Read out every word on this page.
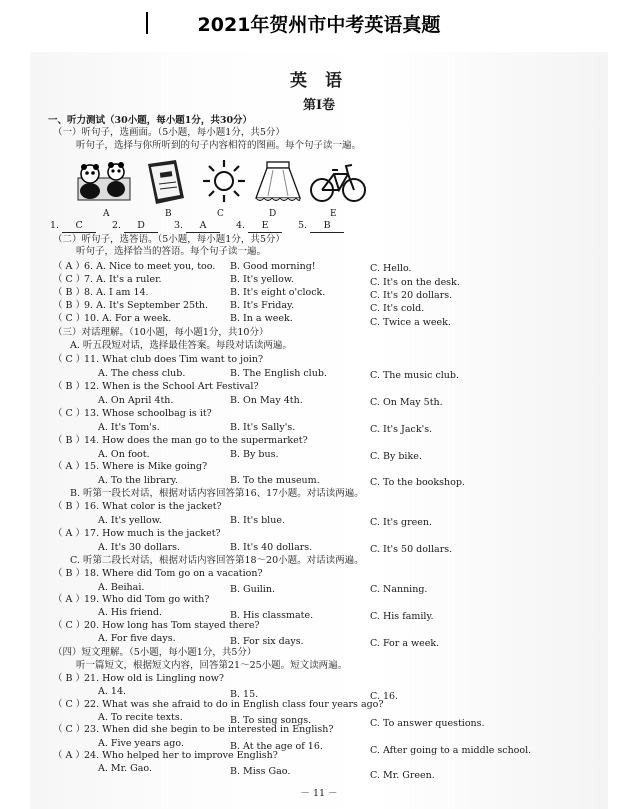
2021年贺州市中考英语真题
英 语
第Ⅰ卷
一、听力测试（30小题，每小题1分，共30分）
（一）听句子，选画面。（5小题，每小题1分，共5分）
听句子，选择与你所听到的句子内容相符的图画。每个句子读一遍。
A	B	C	D	E
1. C	2. D	3. A	4. E	5. B
（二）听句子，选答语。（5小题，每小题1分，共5分）
听句子，选择恰当的答语。每个句子读一遍。
（ A ） 6. A. Nice to meet you, too. B. Good morning!	C. Hello.
（ C ）
7. A. It's a ruler.	B. It's yellow.	C. It's on the desk.
（ B ）
8. A. I am 14.	B. It's eight o'clock.	C. It's 20 dollars.
（ B ）
9. A. It's September 25th. B. It's Friday.	C. It's cold.
（ C ）
10. A. For a week.	B. In a week.	C. Twice a week.
（三）对话理解。（10小题，每小题1分，共10分）
A. 听五段短对话，选择最佳答案。每段对话读两遍。
（ C ）
11. What club does Tim want to join?
A. The chess club.	B. The English club.	C. The music club.
（ B ）
12. When is the School Art Festival?
A. On April 4th.	B. On May 4th.	C. On May 5th.
（ C ）
13. Whose schoolbag is it?
A. It's Tom's.	B. It's Sally's.	C. It's Jack's.
（ B ）
14. How does the man go to the supermarket?
A. On foot.	B. By bus.	C. By bike.
（ A ） 15. Where is Mike going?
A. To the library.	B. To the museum.	C. To the bookshop.
B. 听第一段长对话，根据对话内容回答第16、17小题。对话读两遍。
（ B ）
16. What color is the jacket?
A. It's yellow.	B. It's blue.	C. It's green.
（ A ） 17. How much is the jacket?
A. It's 30 dollars.	B. It's 40 dollars.	C. It's 50 dollars.
C. 听第二段长对话，根据对话内容回答第18～20小题。对话读两遍。
（ B ）
18. Where did Tom go on a vacation?
A. Beihai.	B. Guilin.	C. Nanning.
（ A ） 19. Who did Tom go with?
A. His friend.	B. His classmate.	C. His family.
（ C ）
20. How long has Tom stayed there?
A. For five days.	B. For six days.	C. For a week.
（四）短文理解。（5小题，每小题1分，共5分）
听一篇短文，根据短文内容，回答第21～25小题。短文读两遍。
（ B ）
21. How old is Lingling now?
A. 14.	B. 15.	C. 16.
（ C ）
22. What was she afraid to do in English class four years ago?
A. To recite texts.	B. To sing songs.	C. To answer questions.
（ C ）
23. When did she begin to be interested in English?
A. Five years ago.	B. At the age of 16.	C. After going to a middle school.
（ A ） 24. Who helped her to improve English?
A. Mr. Gao.	B. Miss Gao.	C. Mr. Green.
－ 11 －
